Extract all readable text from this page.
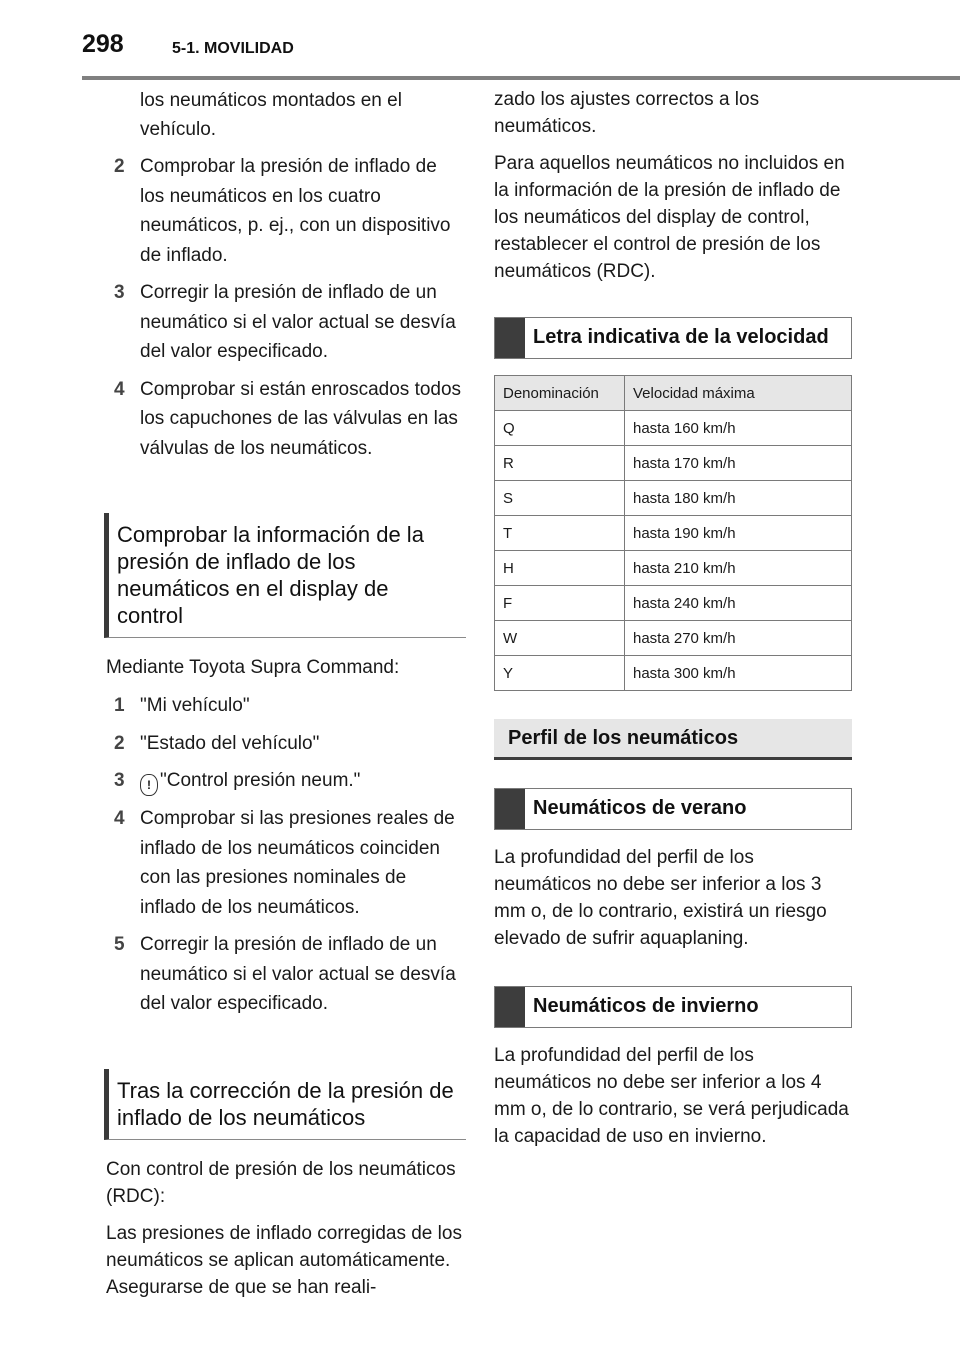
298	5-1. MOVILIDAD

los neumáticos montados en el vehículo.

2 Comprobar la presión de inflado de los neumáticos en los cuatro neumáticos, p. ej., con un dispositivo de inflado.
3 Corregir la presión de inflado de un neumático si el valor actual se desvía del valor especificado.
4 Comprobar si están enroscados todos los capuchones de las válvulas en las válvulas de los neumáticos.
Comprobar la información de la presión de inflado de los neumáticos en el display de control

Mediante Toyota Supra Command:

1 "Mi vehículo"
2 "Estado del vehículo"
3 ! "Control presión neum."
4 Comprobar si las presiones reales de inflado de los neumáticos coinciden con las presiones nominales de inflado de los neumáticos.
5 Corregir la presión de inflado de un neumático si el valor actual se desvía del valor especificado.
Tras la corrección de la presión de inflado de los neumáticos

Con control de presión de los neumáticos (RDC):

Las presiones de inflado corregidas de los neumáticos se aplican automáticamente. Asegurarse de que se han reali-

zado los ajustes correctos a los neumáticos.

Para aquellos neumáticos no incluidos en la información de la presión de inflado de los neumáticos del display de control, restablecer el control de presión de los neumáticos (RDC).

Letra indicativa de la velocidad
Denominación	Velocidad máxima
Q	hasta 160 km/h
R	hasta 170 km/h
S	hasta 180 km/h
T	hasta 190 km/h
H	hasta 210 km/h
F	hasta 240 km/h
W	hasta 270 km/h
Y	hasta 300 km/h
Perfil de los neumáticos
Neumáticos de verano

La profundidad del perfil de los neumáticos no debe ser inferior a los 3 mm o, de lo contrario, existirá un riesgo elevado de sufrir aquaplaning.

Neumáticos de invierno

La profundidad del perfil de los neumáticos no debe ser inferior a los 4 mm o, de lo contrario, se verá perjudicada la capacidad de uso en invierno.
